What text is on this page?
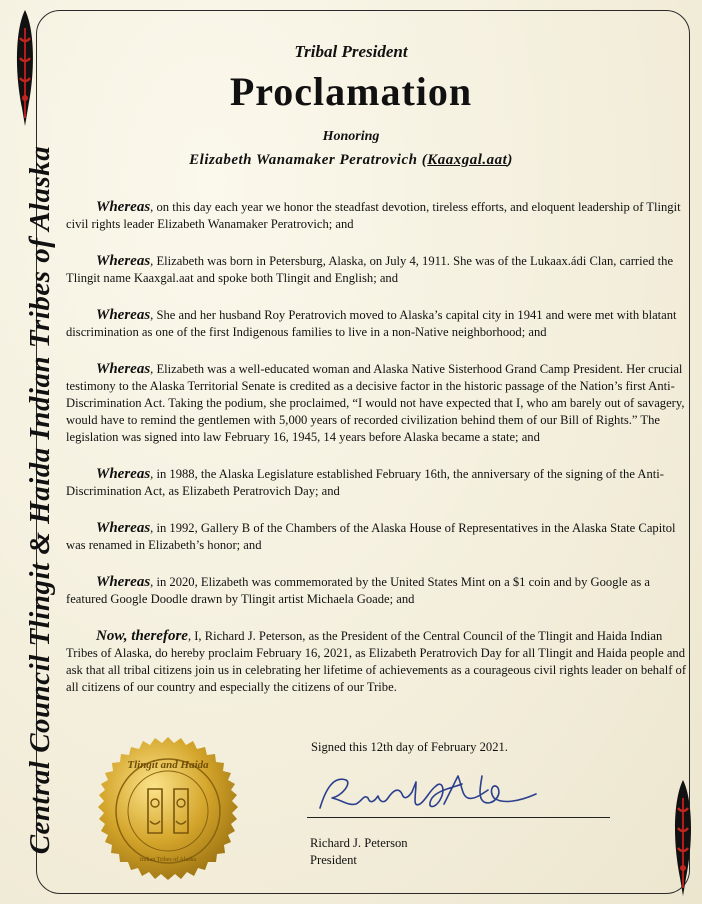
Central Council Tlingit & Haida Indian Tribes of Alaska
Tribal President
Proclamation
Honoring
Elizabeth Wanamaker Peratrovich (Kaaxgal.aat)

Whereas, on this day each year we honor the steadfast devotion, tireless efforts, and eloquent leadership of Tlingit civil rights leader Elizabeth Wanamaker Peratrovich; and

Whereas, Elizabeth was born in Petersburg, Alaska, on July 4, 1911. She was of the Lukaax.ádi Clan, carried the Tlingit name Kaaxgal.aat and spoke both Tlingit and English; and

Whereas, She and her husband Roy Peratrovich moved to Alaska’s capital city in 1941 and were met with blatant discrimination as one of the first Indigenous families to live in a non-Native neighborhood; and

Whereas, Elizabeth was a well-educated woman and Alaska Native Sisterhood Grand Camp President. Her crucial testimony to the Alaska Territorial Senate is credited as a decisive factor in the historic passage of the Nation’s first Anti-Discrimination Act. Taking the podium, she proclaimed, “I would not have expected that I, who am barely out of savagery, would have to remind the gentlemen with 5,000 years of recorded civilization behind them of our Bill of Rights.” The legislation was signed into law February 16, 1945, 14 years before Alaska became a state; and

Whereas, in 1988, the Alaska Legislature established February 16th, the anniversary of the signing of the Anti-Discrimination Act, as Elizabeth Peratrovich Day; and

Whereas, in 1992, Gallery B of the Chambers of the Alaska House of Representatives in the Alaska State Capitol was renamed in Elizabeth’s honor; and

Whereas, in 2020, Elizabeth was commemorated by the United States Mint on a $1 coin and by Google as a featured Google Doodle drawn by Tlingit artist Michaela Goade; and

Now, therefore, I, Richard J. Peterson, as the President of the Central Council of the Tlingit and Haida Indian Tribes of Alaska, do hereby proclaim February 16, 2021, as Elizabeth Peratrovich Day for all Tlingit and Haida people and ask that all tribal citizens join us in celebrating her lifetime of achievements as a courageous civil rights leader on behalf of all citizens of our country and especially the citizens of our Tribe.

Tlingit and Haida
Indian Tribes of Alaska
Signed this 12th day of February 2021.
Richard J. Peterson
President
